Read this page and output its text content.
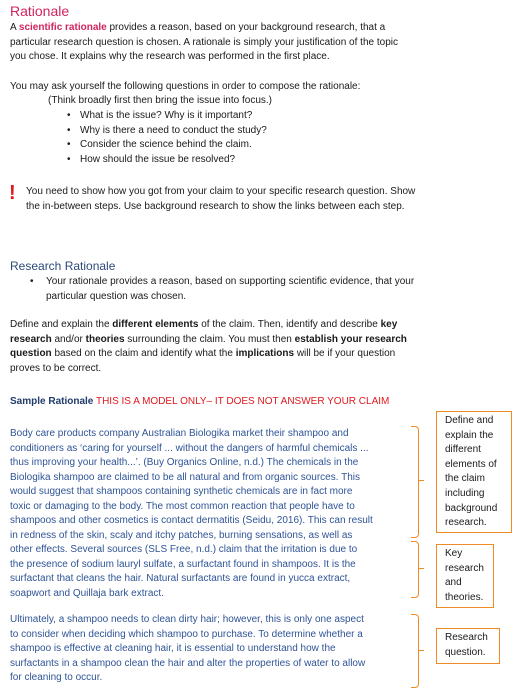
Rationale

A scientific rationale provides a reason, based on your background research, that a

particular research question is chosen. A rationale is simply your justification of the topic

you chose. It explains why the research was performed in the first place.

You may ask yourself the following questions in order to compose the rationale:
(Think broadly first then bring the issue into focus.)
• What is the issue? Why is it important?
• Why is there a need to conduct the study?
• Consider the science behind the claim.
• How should the issue be resolved?
! You need to show how you got from your claim to your specific research question. Show

the in-between steps. Use background research to show the links between each step.

Research Rationale
• Your rationale provides a reason, based on supporting scientific evidence, that your

particular question was chosen.

Define and explain the different elements of the claim. Then, identify and describe key

research and/or theories surrounding the claim. You must then establish your research

question based on the claim and identify what the implications will be if your question

proves to be correct.

Sample Rationale THIS IS A MODEL ONLY– IT DOES NOT ANSWER YOUR CLAIM

Body care products company Australian Biologika market their shampoo and

conditioners as ‘caring for yourself ... without the dangers of harmful chemicals ...

thus improving your health...’. (Buy Organics Online, n.d.) The chemicals in the

Biologika shampoo are claimed to be all natural and from organic sources. This

would suggest that shampoos containing synthetic chemicals are in fact more

toxic or damaging to the body. The most common reaction that people have to

shampoos and other cosmetics is contact dermatitis (Seidu, 2016). This can result

in redness of the skin, scaly and itchy patches, burning sensations, as well as

other effects. Several sources (SLS Free, n.d.) claim that the irritation is due to

the presence of sodium lauryl sulfate, a surfactant found in shampoos. It is the

surfactant that cleans the hair. Natural surfactants are found in yucca extract,

soapwort and Quillaja bark extract.

Ultimately, a shampoo needs to clean dirty hair; however, this is only one aspect

to consider when deciding which shampoo to purchase. To determine whether a

shampoo is effective at cleaning hair, it is essential to understand how the

surfactants in a shampoo clean the hair and alter the properties of water to allow

for cleaning to occur.

Define and

explain the

different

elements of

the claim

including

background

research.

Key

research

and

theories.

Research

question.
